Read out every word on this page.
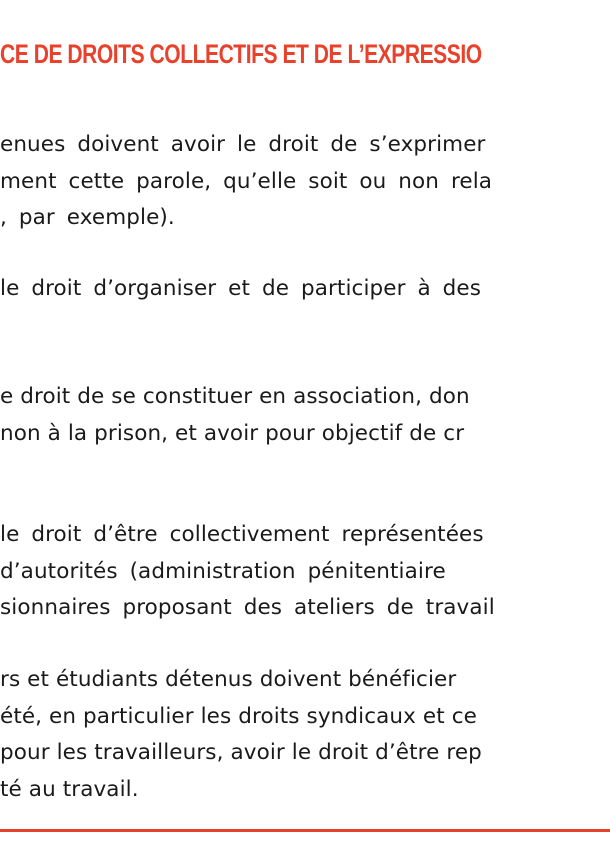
CE DE DROITS COLLECTIFS ET DE L’EXPRESSIO
enues doivent avoir le droit de s’exprimer
ment cette parole, qu’elle soit ou non rela
, par exemple).
le droit d’organiser et de participer à des
e droit de se constituer en association, don
non à la prison, et avoir pour objectif de cr
le droit d’être collectivement représentées
d’autorités (administration pénitentiaire
sionnaires proposant des ateliers de travail
rs et étudiants détenus doivent bénéficier
été, en particulier les droits syndicaux et ce
pour les travailleurs, avoir le droit d’être rep
té au travail.
